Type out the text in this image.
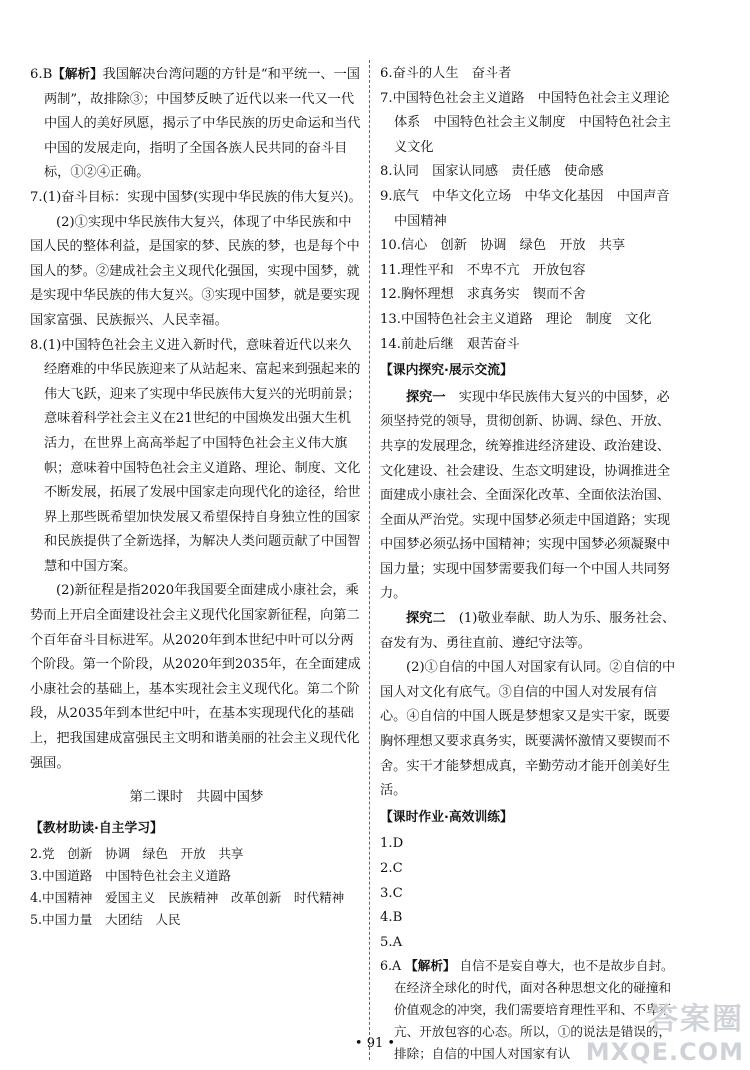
6.B【解析】我国解决台湾问题的方针是“和平统一、一国两制”，故排除③；中国梦反映了近代以来一代又一代中国人的美好夙愿，揭示了中华民族的历史命运和当代中国的发展走向，指明了全国各族人民共同的奋斗目标，①②④正确。

7.(1)奋斗目标：实现中国梦(实现中华民族的伟大复兴)。

(2)①实现中华民族伟大复兴，体现了中华民族和中国人民的整体利益，是国家的梦、民族的梦，也是每个中国人的梦。②建成社会主义现代化强国，实现中国梦，就是实现中华民族的伟大复兴。③实现中国梦，就是要实现国家富强、民族振兴、人民幸福。

8.(1)中国特色社会主义进入新时代，意味着近代以来久经磨难的中华民族迎来了从站起来、富起来到强起来的伟大飞跃，迎来了实现中华民族伟大复兴的光明前景；意味着科学社会主义在21世纪的中国焕发出强大生机活力，在世界上高高举起了中国特色社会主义伟大旗帜；意味着中国特色社会主义道路、理论、制度、文化不断发展，拓展了发展中国家走向现代化的途径，给世界上那些既希望加快发展又希望保持自身独立性的国家和民族提供了全新选择，为解决人类问题贡献了中国智慧和中国方案。

(2)新征程是指2020年我国要全面建成小康社会，乘势而上开启全面建设社会主义现代化国家新征程，向第二个百年奋斗目标进军。从2020年到本世纪中叶可以分两个阶段。第一个阶段，从2020年到2035年，在全面建成小康社会的基础上，基本实现社会主义现代化。第二个阶段，从2035年到本世纪中叶，在基本实现现代化的基础上，把我国建成富强民主文明和谐美丽的社会主义现代化强国。

第二课时　共圆中国梦

【教材助读·自主学习】

2.党　创新　协调　绿色　开放　共享

3.中国道路　中国特色社会主义道路

4.中国精神　爱国主义　民族精神　改革创新　时代精神

5.中国力量　大团结　人民

6.奋斗的人生　奋斗者

7.中国特色社会主义道路　中国特色社会主义理论体系　中国特色社会主义制度　中国特色社会主义文化

8.认同　国家认同感　责任感　使命感

9.底气　中华文化立场　中华文化基因　中国声音　中国精神

10.信心　创新　协调　绿色　开放　共享

11.理性平和　不卑不亢　开放包容

12.胸怀理想　求真务实　锲而不舍

13.中国特色社会主义道路　理论　制度　文化

14.前赴后继　艰苦奋斗

【课内探究·展示交流】

探究一　 实现中华民族伟大复兴的中国梦，必须坚持党的领导，贯彻创新、协调、绿色、开放、共享的发展理念，统筹推进经济建设、政治建设、文化建设、社会建设、生态文明建设，协调推进全面建成小康社会、全面深化改革、全面依法治国、全面从严治党。实现中国梦必须走中国道路；实现中国梦必须弘扬中国精神；实现中国梦必须凝聚中国力量；实现中国梦需要我们每一个中国人共同努力。

探究二　 (1)敬业奉献、助人为乐、服务社会、奋发有为、勇往直前、遵纪守法等。

(2)①自信的中国人对国家有认同。②自信的中国人对文化有底气。③自信的中国人对发展有信心。④自信的中国人既是梦想家又是实干家，既要胸怀理想又要求真务实，既要满怀激情又要锲而不舍。实干才能梦想成真，辛勤劳动才能开创美好生活。

【课时作业·高效训练】

1.D

2.C

3.C

4.B

5.A

6.A 【解析】 自信不是妄自尊大，也不是故步自封。在经济全球化的时代，面对各种思想文化的碰撞和价值观念的冲突，我们需要培育理性平和、不卑不亢、开放包容的心态。所以，①的说法是错误的，排除；自信的中国人对国家有认

• 91 •
答案圈
MXQE.COM
